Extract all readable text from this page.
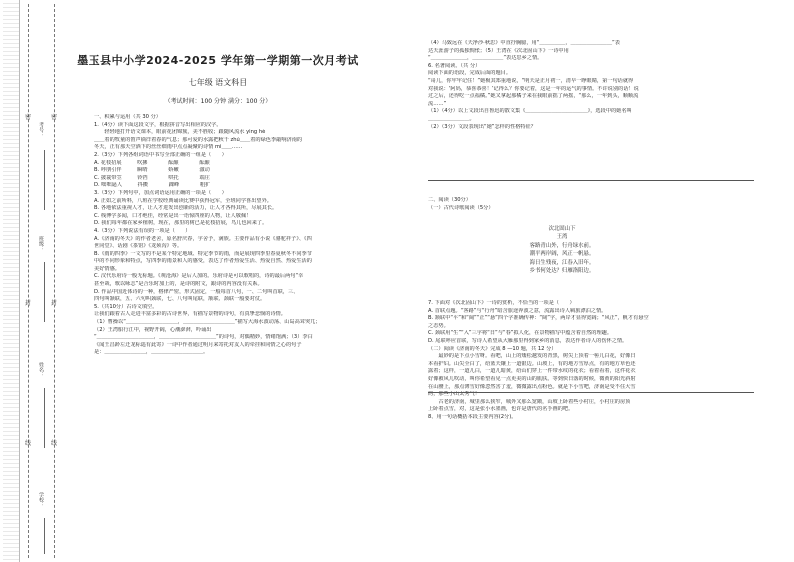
密
封
线
密
封
线
考号：
班级：
姓名：
学校：
墨玉县中小学2024-2025 学年第一学期第一次月考试
七年级 语文科目
（考试时间：100 分钟 满分：100 分）

一、积累与运用（共 30 分）

1.（4分）读下面这段文字，根据拼音写出相应的汉字。

　　轻轻地打开语文课本，眼前花团锦簇，美不胜收；跟随风流水 yìng hè

＿＿着的牧童的笛声徜徉着春的气息；那可爱的水露把秋千 zhú＿＿着的绿色季敲响济南的

冬天，正有那天空洒下的丝丝细雨中点点凝聚的诗情 mì＿＿……

2.（3分）下列各组词语中书写全部正确的一组是（　　）

A. 花枝招展　　　吹拂　　　　酝酿　　　　酝酿

B. 呼朋引伴　　　瞬晴　　　　娇嫩　　　　澈动

C. 披蓑带笠　　　铃铛　　　　哄托　　　　端庄

D. 咄咄逼人　　　抖擞　　　　踝峰　　　　粗犷

3.（3分）下列句中，加点词语运用正确的一项是（　　）

A. 正如之前所料，八班在学校经典诵读比赛中获得冠军，全班同学喜出望外。

B. 各地依法重视人才，让人才进发出创新的活力，让人才各得其所，尽展其长。

C. 栈博学多闻，口才绝佳，经常是出一语惊四座的人物，让人敬佩！

D. 我们每年都在家乡植树，现在，那里的树已是花枝招展，鸟儿也回来了。

4.（3分）下列说法有误的一项是（　　）

A.《济南的冬天》的作者老舍，原名舒庆春，字舍予，满族。主要作品有小说《骆驼祥子》、《四

世同堂》、话剧《茶馆》《龙须沟》等。

B.《雨的四季》一文写的不是某个特定地域、特定季节的雨，而是展现四季里春夏秋冬不同季节

中的不同形象和特点，写四季的雨景和人的感受，表达了作者热爱生活、热爱自然、热爱生活的

美好情感。

C. 汉代乐府诗一般无标题。《观沧海》是后人加的。乐府诗是可以歌唱的，诗的最后两句“幸

甚至哉，歌以咏志”是合乐时加上的，是诗的附文，跟诗的内容没有关系。

D. 作品中国近体诗的一种，格律严密，形式固定，一般每首八句，一、二句叫首联，三、

四句叫颔联，五、六句叫颈联，七、八句叫尾联，颔联、颈联一般要对仗。

5.（共10分）古诗文填空。

让我们跟着古人走进丰富多彩的古诗世界，有描写景物的诗句，有真挚悲悯的诗情。

（1）曹操以“＿＿＿＿＿＿＿＿＿＿，＿＿＿＿＿＿＿＿＿＿”描写大海水波动荡、山岛高耸突兀；

（2）王湾船行江中，视野开阔，心潮澎湃，吟诵出

“＿＿＿＿＿＿＿＿＿＿＿，＿＿＿＿＿＿＿＿＿＿＿”的诗句，对偶精妙，情绪饱满；（3）李白

《闻王昌龄左迁龙标遥有此寄》一诗中作者通过明月来寄托对友人的牵挂和同情之心的句子

是：＿＿＿＿＿＿＿＿，＿＿＿＿＿＿＿＿＿＿。

（4）马致远在《天净沙·秋思》中直抒胸臆，用“＿＿＿＿＿，＿＿＿＿＿＿＿＿”表

达天涯游子的孤独惆怅；（5）王湾在《次北固山下》一诗中用

“＿＿＿＿＿＿＿，＿＿＿＿＿＿”表达思乡之情。

6. 名著阅读。（共 分）

阅读下面的语段，完成后面的题目。

“哥儿，你牢牢记住！”她极其郑重地说，“明天是正月初一，清早一睁眼睛，第一句话就得

对我说：‘阿妈，恭喜恭喜！’记得么？你要记着，这是一年的运气的事情。不许说别的话！说

过之后，还得吃一点福橘。”她又拿起那橘子来在我眼前摇了两摇，“那么，一年到头，顺顺流

流……”

（1）（4分）以上文段出自鲁迅的散文集《＿＿＿＿＿＿＿＿＿＿＿＿》，选段中的她名叫

＿＿＿＿＿＿＿＿。

（2）（3分）文段表现出“她”怎样的性格特征？

二、阅读（30分）

（一）古代诗歌阅读（5分）

次北固山下

王湾

客路青山外，行舟绿水前。

潮平两岸阔，风正一帆悬。

海日生残夜，江春入旧年。

乡书何处达？归雁洛阳边。

7. 下面对《次北固山下》一诗的赏析，不恰当的一项是（　　）

A. 首联点题。“客路”与“行舟”暗含旅途奔波之意，流露出诗人羁旅漂泊之情。

B. 颔联中“平”和“阔”“正”“悬”四个字准确传神：“阔”字，两岸才显得宽阔；“风正”，帆才有悬空

之态势。

C. 颈联用“生”“入”三字将“日”与“春”拟人化，在景物描写中蕴含着自然的理趣。

D. 尾联呼应首联，写诗人希望从大雁那里得到家乡的消息，表达作者诗人的伤怀之情。

（二）阅读《济南的冬天》完成 8 —10 题，共 12 分）

　　最妙的是下点小雪呀。看吧，山上的矮松越发的青黑，树尖上顶着一髻儿白花，好像日

本看护妇。山尖全白了，给蓝天镶上一道银边。山坡上，有的地方雪厚点，有的地方草色还

露着；这样，一道儿白，一道儿暗黄，给山们穿上一件带水纹的花衣；看着看着，这件花衣

好像被风儿吹动，叫你希望看见一点更美的山的肌肤。等到快日落的时候，微黄的阳光斜射

在山腰上，那点薄雪好像忽然害了羞，微微露出点粉色。就是下小雪吧，济南是受不住大雪

的，那些小山太秀气！

　　古老的济南，城里那么狭窄，城外又那么宽敞，山坡上卧着些小村庄，小村庄的房顶

上卧着点雪，对，这是张小水墨画，也许是唐代的名手画的吧。

8、用一句话概括本段主要内容(2分)。
